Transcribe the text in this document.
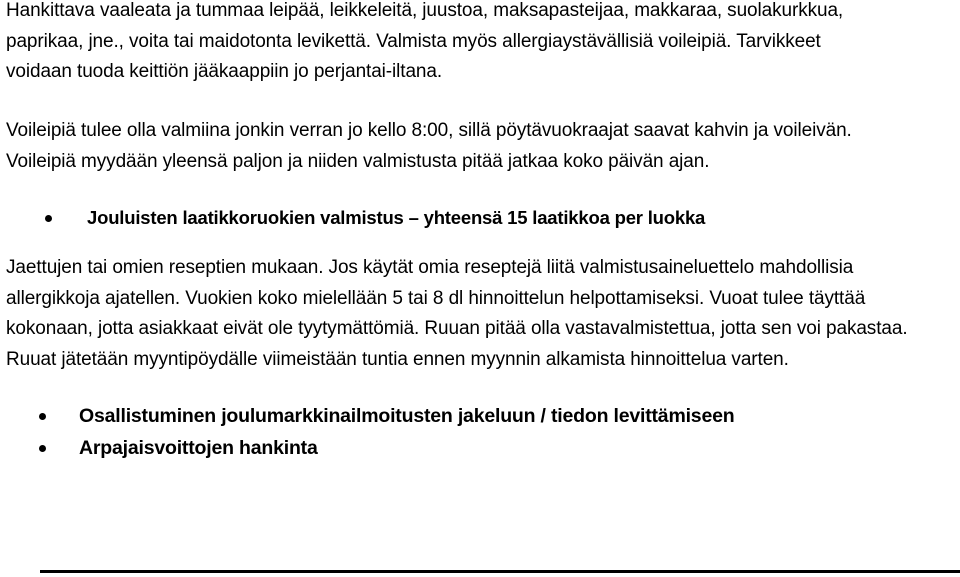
Hankittava vaaleata ja tummaa leipää, leikkeleitä, juustoa, maksapasteijaa, makkaraa, suolakurkkua,
paprikaa, jne., voita tai maidotonta levikettä. Valmista myös allergiaystävällisiä voileipiä. Tarvikkeet
voidaan tuoda keittiön jääkaappiin jo perjantai-iltana.
Voileipiä tulee olla valmiina jonkin verran jo kello 8:00, sillä pöytävuokraajat saavat kahvin ja voileivän.
Voileipiä myydään yleensä paljon ja niiden valmistusta pitää jatkaa koko päivän ajan.
Jouluisten laatikkoruokien valmistus – yhteensä 15 laatikkoa per luokka
Jaettujen tai omien reseptien mukaan. Jos käytät omia reseptejä liitä valmistusaineluettelo mahdollisia
allergikkoja ajatellen. Vuokien koko mielellään 5 tai 8 dl hinnoittelun helpottamiseksi. Vuoat tulee täyttää
kokonaan, jotta asiakkaat eivät ole tyytymättömiä. Ruuan pitää olla vastavalmistettua, jotta sen voi pakastaa.
Ruuat jätetään myyntipöydälle viimeistään tuntia ennen myynnin alkamista hinnoittelua varten.
Osallistuminen joulumarkkinailmoitusten jakeluun / tiedon levittämiseen
Arpajaisvoittojen hankinta
